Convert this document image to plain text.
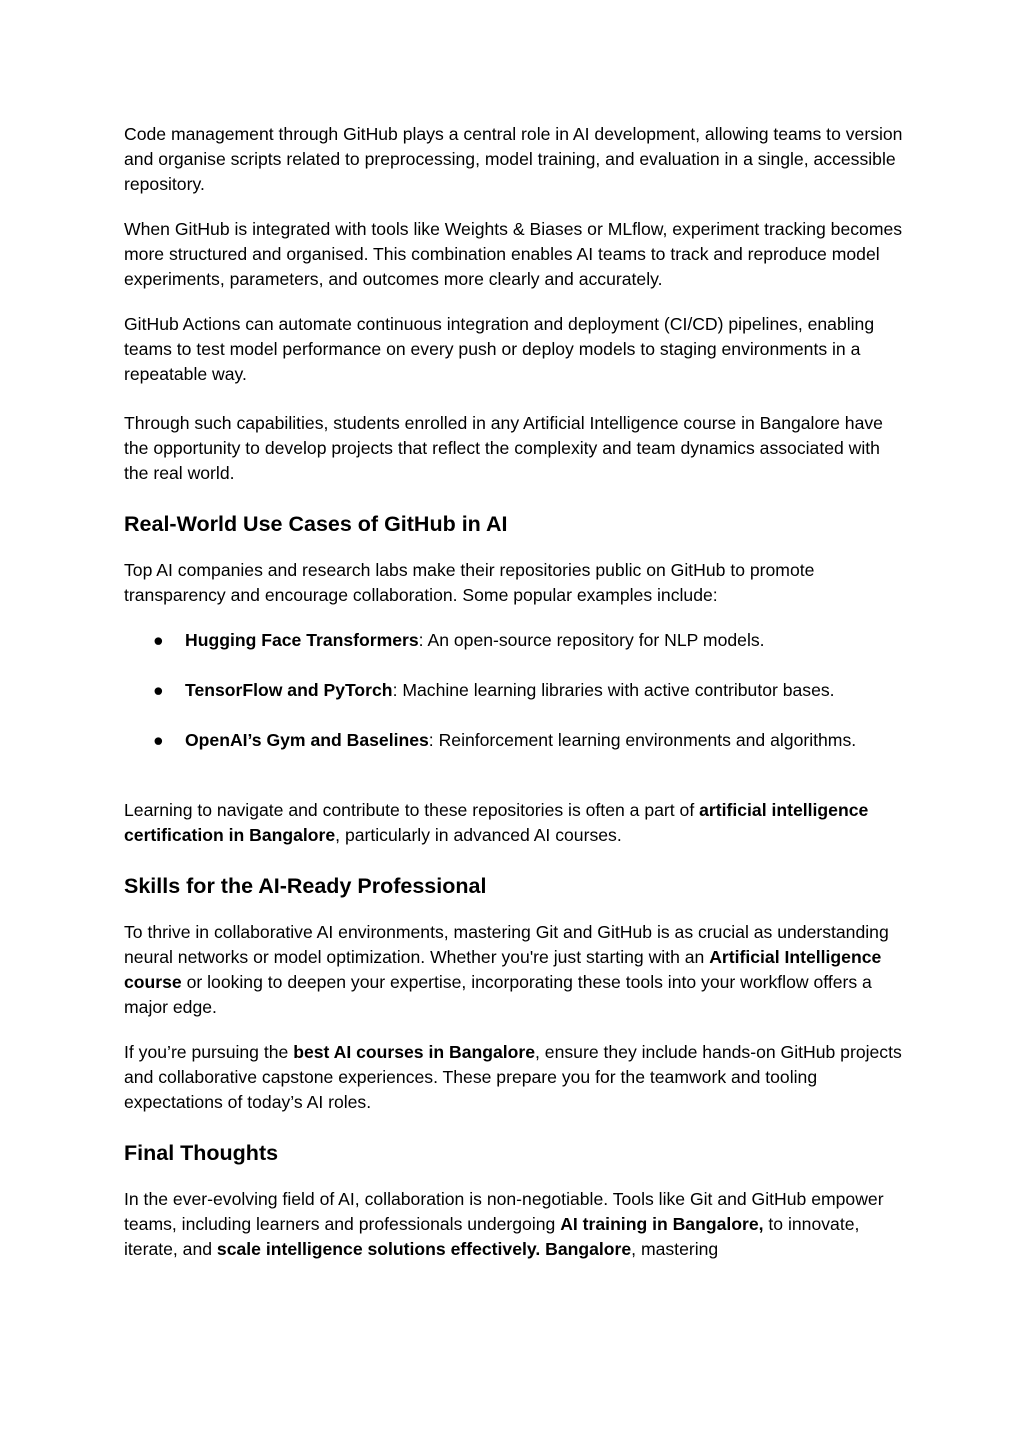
Code management through GitHub plays a central role in AI development, allowing teams to version and organise scripts related to preprocessing, model training, and evaluation in a single, accessible repository.

When GitHub is integrated with tools like Weights & Biases or MLflow, experiment tracking becomes more structured and organised. This combination enables AI teams to track and reproduce model experiments, parameters, and outcomes more clearly and accurately.

GitHub Actions can automate continuous integration and deployment (CI/CD) pipelines, enabling teams to test model performance on every push or deploy models to staging environments in a repeatable way.

Through such capabilities, students enrolled in any Artificial Intelligence course in Bangalore have the opportunity to develop projects that reflect the complexity and team dynamics associated with the real world.

Real-World Use Cases of GitHub in AI

Top AI companies and research labs make their repositories public on GitHub to promote transparency and encourage collaboration. Some popular examples include:

● Hugging Face Transformers: An open-source repository for NLP models.
● TensorFlow and PyTorch: Machine learning libraries with active contributor bases.
● OpenAI’s Gym and Baselines: Reinforcement learning environments and algorithms.

Learning to navigate and contribute to these repositories is often a part of artificial intelligence certification in Bangalore, particularly in advanced AI courses.

Skills for the AI-Ready Professional

To thrive in collaborative AI environments, mastering Git and GitHub is as crucial as understanding neural networks or model optimization. Whether you're just starting with an Artificial Intelligence course or looking to deepen your expertise, incorporating these tools into your workflow offers a major edge.

If you’re pursuing the best AI courses in Bangalore, ensure they include hands-on GitHub projects and collaborative capstone experiences. These prepare you for the teamwork and tooling expectations of today’s AI roles.

Final Thoughts

In the ever-evolving field of AI, collaboration is non-negotiable. Tools like Git and GitHub empower teams, including learners and professionals undergoing AI training in Bangalore, to innovate, iterate, and scale intelligence solutions effectively. Bangalore, mastering
